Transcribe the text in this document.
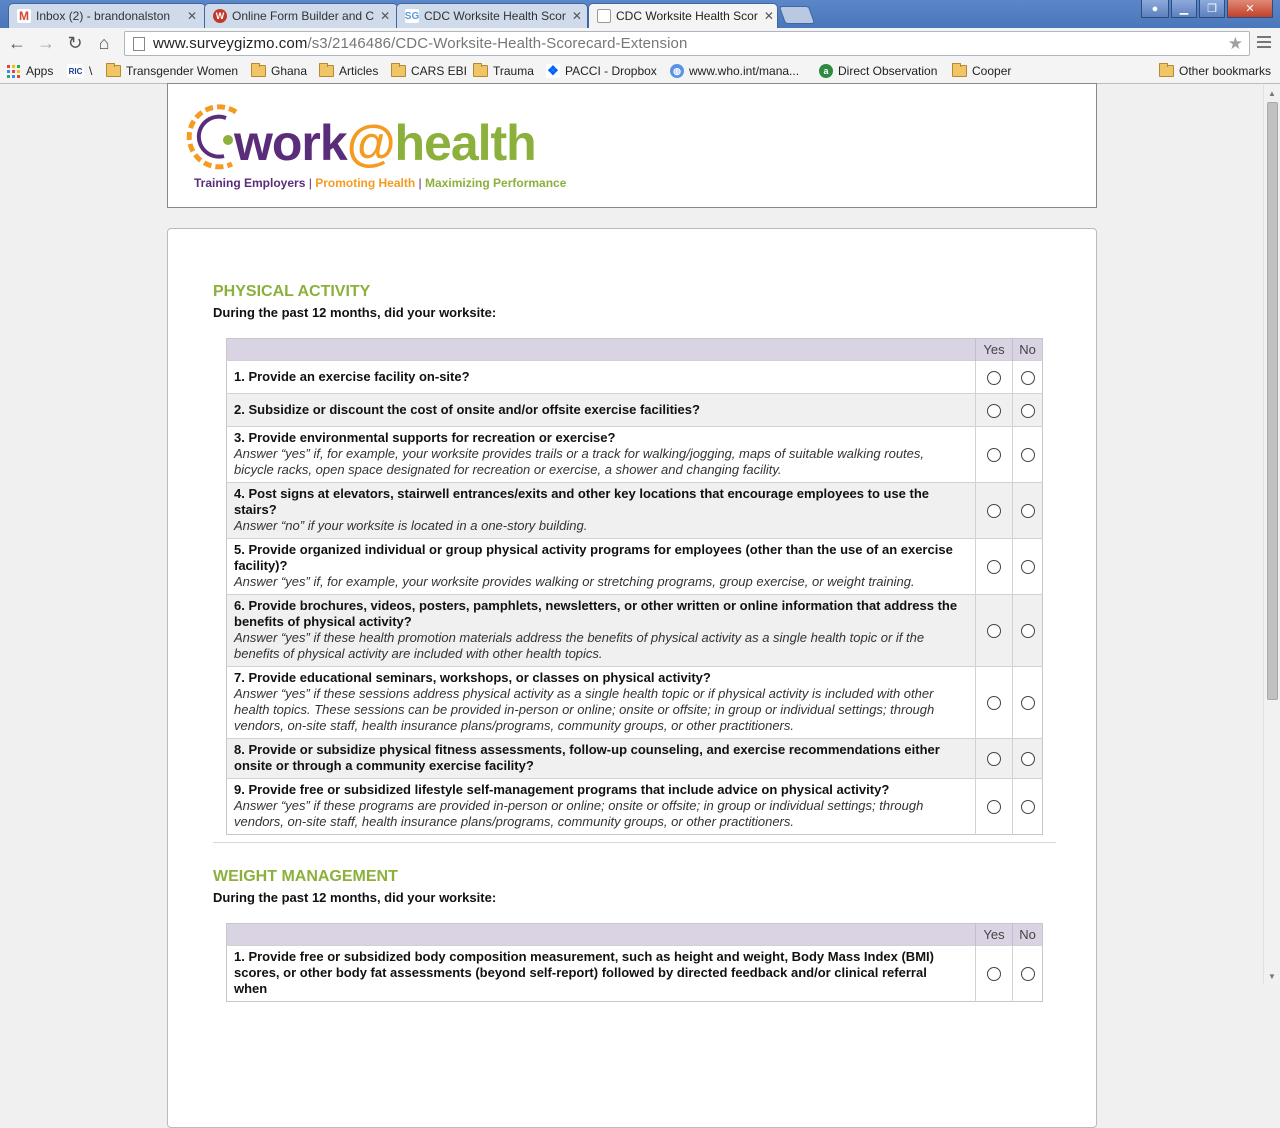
M Inbox (2) - brandonalston	✕	W Online Form Builder and C ✕ SG CDC Worksite Health Scor ✕	CDC Worksite Health Scor ✕
●	▁	❐	✕
← → ↻ ⌂	www.surveygizmo.com/s3/2146486/CDC-Worksite-Health-Scorecard-Extension	★
Apps RIC \	Transgender Women	Ghana	Articles	CARS EBI Trauma ❖ PACCI - Dropbox	◍ www.who.int/mana...	a Direct Observation	Cooper	Other bookmarks
work@health
Training Employers | Promoting Health | Maximizing Performance
PHYSICAL ACTIVITY
During the past 12 months, did your worksite:
	Yes	No

1. Provide an exercise facility on-site?		

2. Subsidize or discount the cost of onsite and/or offsite exercise facilities?		

3. Provide environmental supports for recreation or exercise?
Answer “yes” if, for example, your worksite provides trails or a track for walking/jogging, maps of suitable walking routes, bicycle racks, open space designated for recreation or exercise, a shower and changing facility.		

4. Post signs at elevators, stairwell entrances/exits and other key locations that encourage employees to use the stairs?
Answer “no” if your worksite is located in a one-story building.		

5. Provide organized individual or group physical activity programs for employees (other than the use of an exercise facility)?
Answer “yes” if, for example, your worksite provides walking or stretching programs, group exercise, or weight training.		

6. Provide brochures, videos, posters, pamphlets, newsletters, or other written or online information that address the benefits of physical activity?
Answer “yes” if these health promotion materials address the benefits of physical activity as a single health topic or if the benefits of physical activity are included with other health topics.		

7. Provide educational seminars, workshops, or classes on physical activity?
Answer “yes” if these sessions address physical activity as a single health topic or if physical activity is included with other health topics. These sessions can be provided in-person or online; onsite or offsite; in group or individual settings; through vendors, on-site staff, health insurance plans/programs, community groups, or other practitioners.		

8. Provide or subsidize physical fitness assessments, follow-up counseling, and exercise recommendations either onsite or through a community exercise facility?		

9. Provide free or subsidized lifestyle self-management programs that include advice on physical activity?
Answer “yes” if these programs are provided in-person or online; onsite or offsite; in group or individual settings; through vendors, on-site staff, health insurance plans/programs, community groups, or other practitioners.		

WEIGHT MANAGEMENT
During the past 12 months, did your worksite:
	Yes	No

1. Provide free or subsidized body composition measurement, such as height and weight, Body Mass Index (BMI) scores, or other body fat assessments (beyond self-report) followed by directed feedback and/or clinical referral when		

▲
▼
